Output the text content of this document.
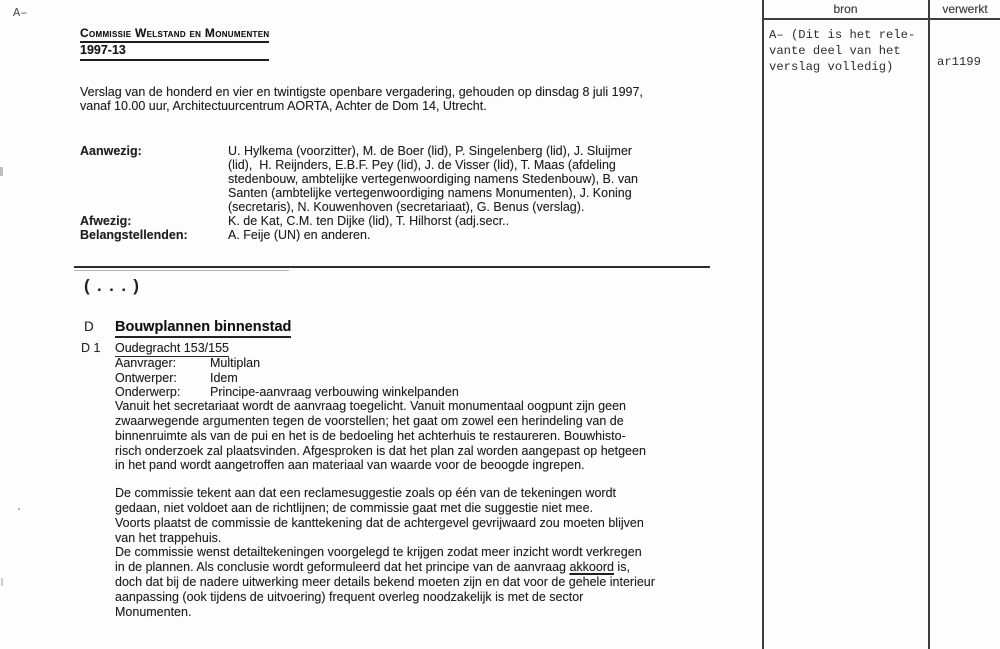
bron	verwerkt
A– (Dit is het rele-
vante deel van het
verslag volledig)	ar1199
A–
Commissie Welstand en Monumenten
1997-13
Verslag van de honderd en vier en twintigste openbare vergadering, gehouden op dinsdag 8 juli 1997,
vanaf 10.00 uur, Architectuurcentrum AORTA, Achter de Dom 14, Utrecht.
Aanwezig:	U. Hylkema (voorzitter), M. de Boer (lid), P. Singelenberg (lid), J. Sluijmer
(lid),  H. Reijnders, E.B.F. Pey (lid), J. de Visser (lid), T. Maas (afdeling
stedenbouw, ambtelijke vertegenwoordiging namens Stedenbouw), B. van
Santen (ambtelijke vertegenwoordiging namens Monumenten), J. Koning
(secretaris), N. Kouwenhoven (secretariaat), G. Benus (verslag).
Afwezig:	K. de Kat, C.M. ten Dijke (lid), T. Hilhorst (adj.secr..
Belangstellenden:	A. Feije (UN) en anderen.
(...)
D Bouwplannen binnenstad
D 1 Oudegracht 153/155
Aanvrager:	Multiplan
Ontwerper:	Idem
Onderwerp:	Principe-aanvraag verbouwing winkelpanden
Vanuit het secretariaat wordt de aanvraag toegelicht. Vanuit monumentaal oogpunt zijn geen
zwaarwegende argumenten tegen de voorstellen; het gaat om zowel een herindeling van de
binnenruimte als van de pui en het is de bedoeling het achterhuis te restaureren. Bouwhisto-
risch onderzoek zal plaatsvinden. Afgesproken is dat het plan zal worden aangepast op hetgeen
in het pand wordt aangetroffen aan materiaal van waarde voor de beoogde ingrepen.
De commissie tekent aan dat een reclamesuggestie zoals op één van de tekeningen wordt
gedaan, niet voldoet aan de richtlijnen; de commissie gaat met die suggestie niet mee.
Voorts plaatst de commissie de kanttekening dat de achtergevel gevrijwaard zou moeten blijven
van het trappehuis.
De commissie wenst detailtekeningen voorgelegd te krijgen zodat meer inzicht wordt verkregen
in de plannen. Als conclusie wordt geformuleerd dat het principe van de aanvraag akkoord is,
doch dat bij de nadere uitwerking meer details bekend moeten zijn en dat voor de gehele interieur
aanpassing (ook tijdens de uitvoering) frequent overleg noodzakelijk is met de sector
Monumenten.
